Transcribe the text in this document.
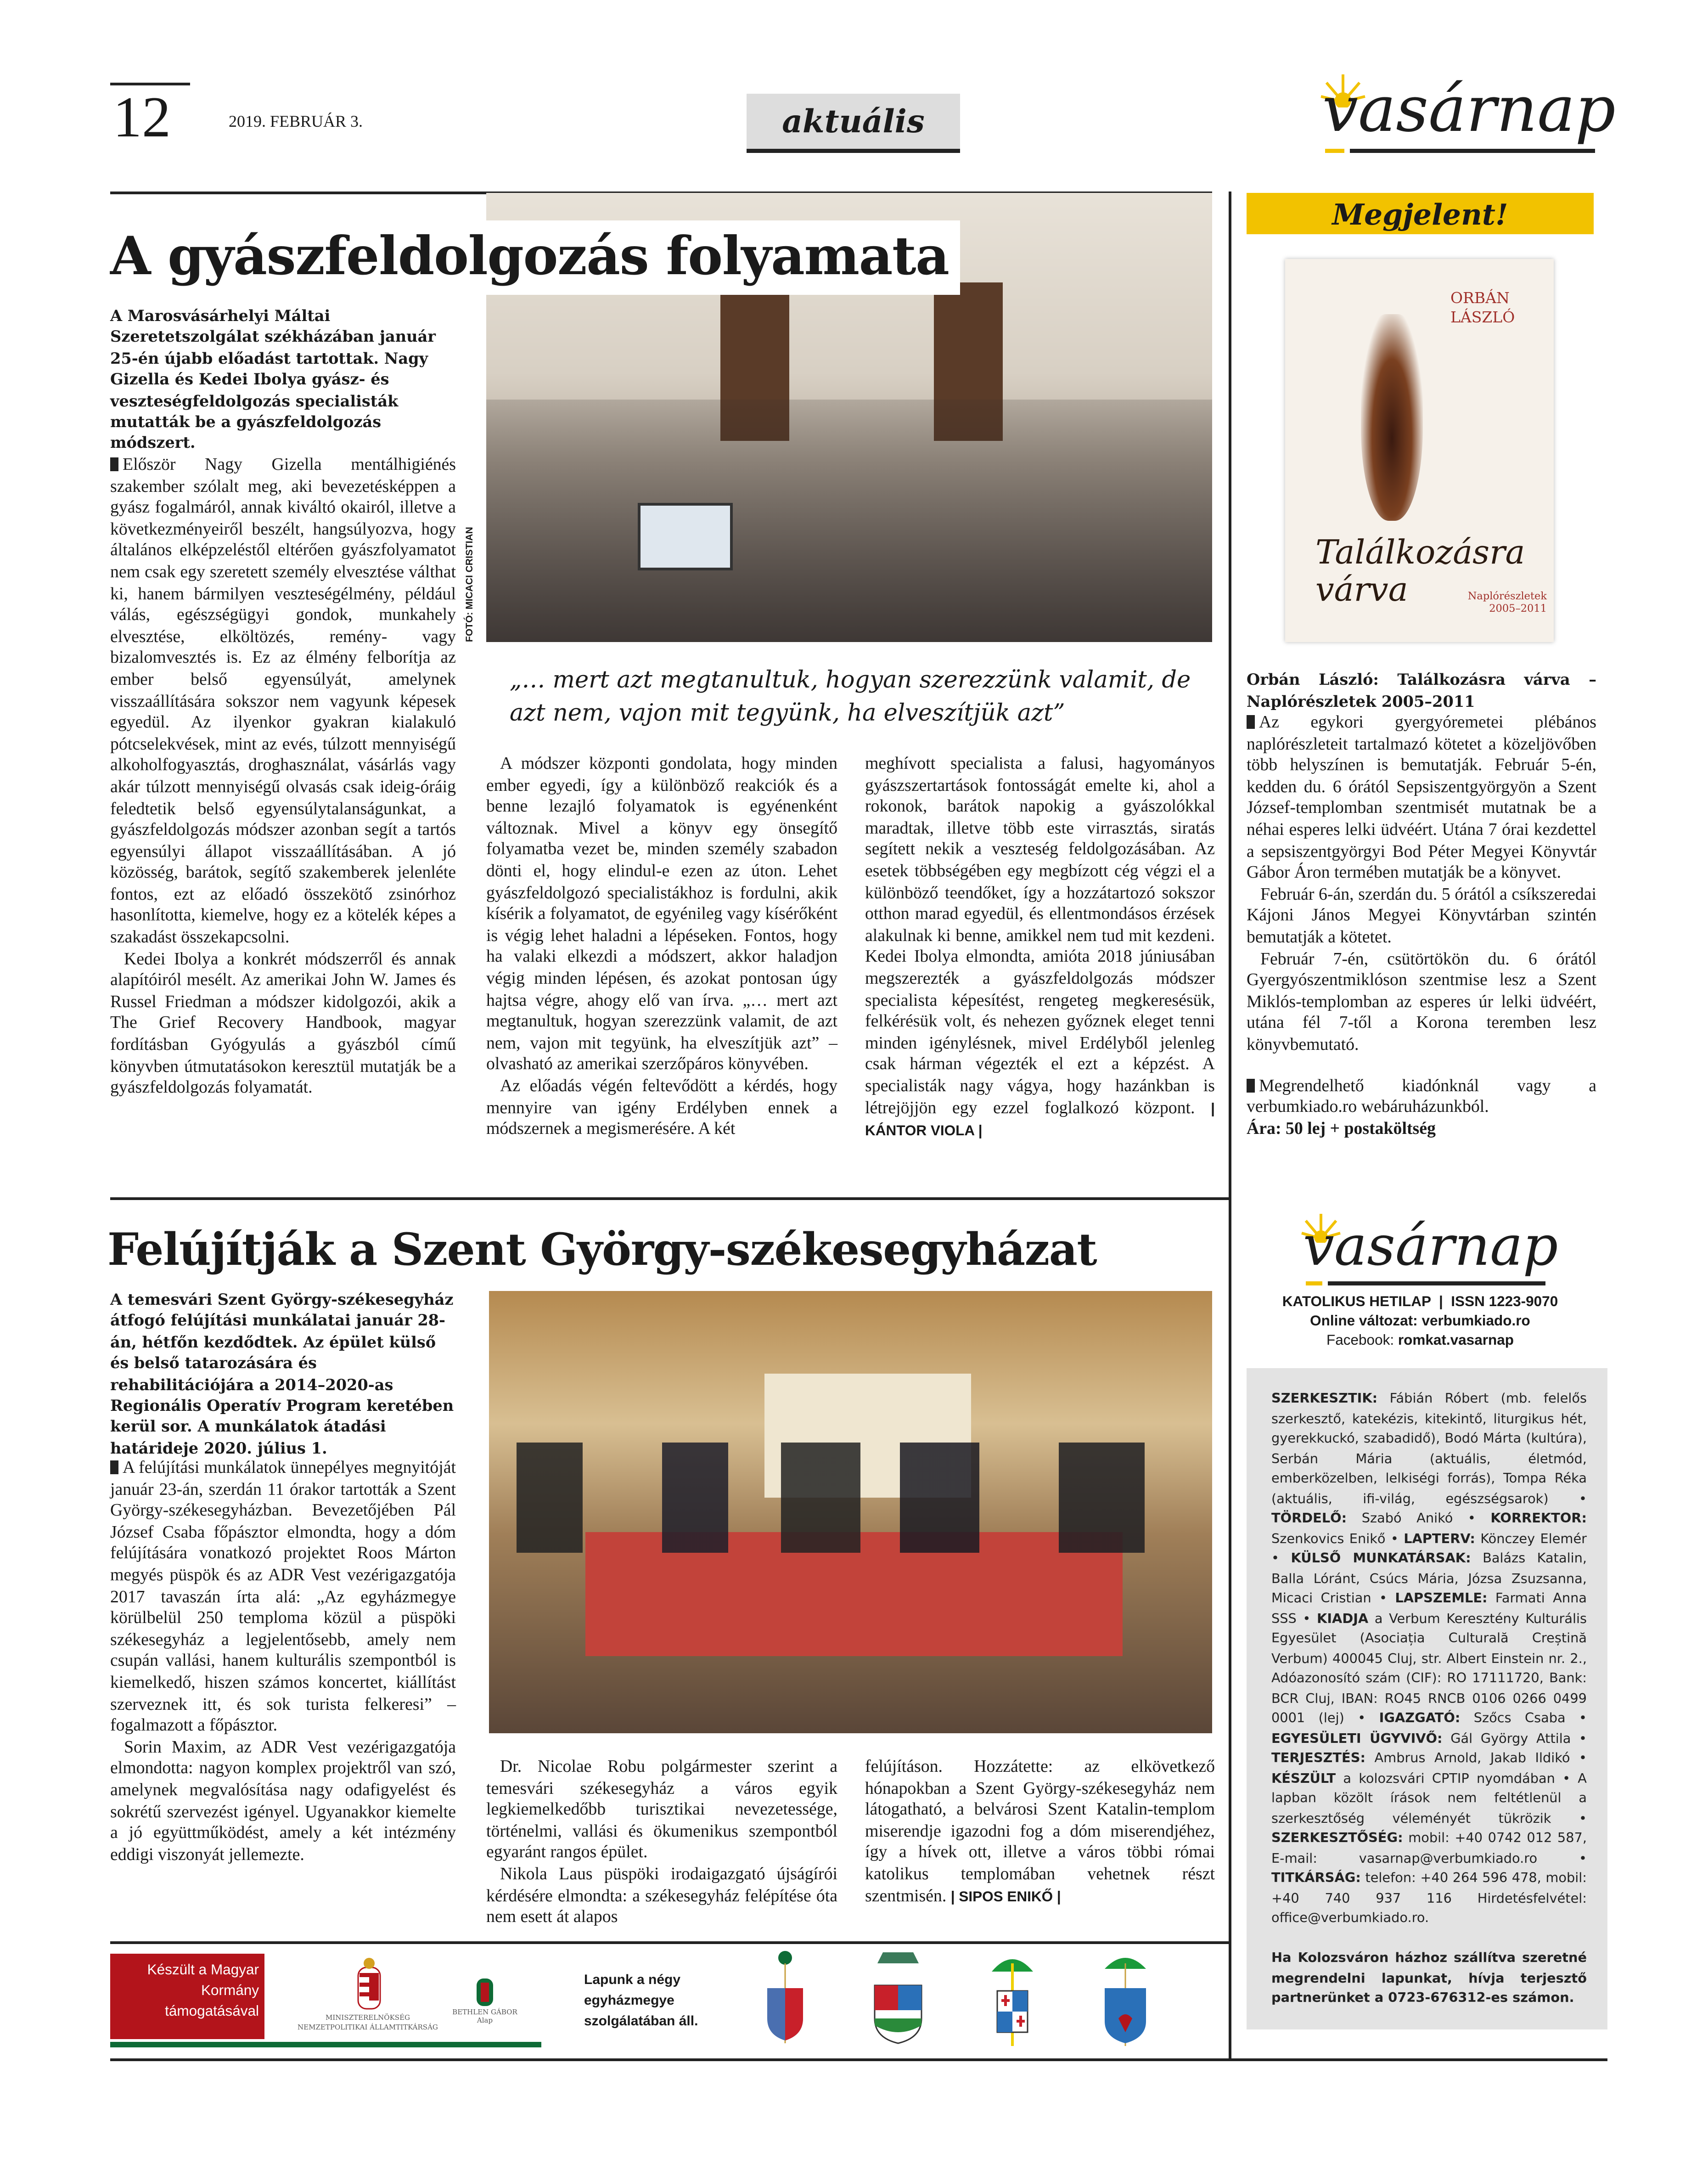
12	2019. FEBRUÁR 3.	aktuális	vasárnap
FOTÓ: MICACI CRISTIAN
A gyászfeldolgozás folyamata
A Marosvásárhelyi Máltai Szeretetszolgálat székházában január 25-én újabb előadást tartottak. Nagy Gizella és Kedei Ibolya gyász- és veszteségfeldolgozás specialisták mutatták be a gyászfeldolgozás módszert.

Először Nagy Gizella mentálhigiénés szakember szólalt meg, aki bevezetésképpen a gyász fogalmáról, annak kiváltó okairól, illetve a következményeiről beszélt, hangsúlyozva, hogy általános elképzeléstől eltérően gyászfolyamatot nem csak egy szeretett személy elvesztése válthat ki, hanem bármilyen veszteségélmény, például válás, egészségügyi gondok, munkahely elvesztése, elköltözés, remény- vagy bizalomvesztés is. Ez az élmény felborítja az ember belső egyensúlyát, amelynek visszaállítására sokszor nem vagyunk képesek egyedül. Az ilyenkor gyakran kialakuló pótcselekvések, mint az evés, túlzott mennyiségű alkoholfogyasztás, droghasználat, vásárlás vagy akár túlzott mennyiségű olvasás csak ideig-óráig feledtetik belső egyensúlytalanságunkat, a gyászfeldolgozás módszer azonban segít a tartós egyensúlyi állapot visszaállításában. A jó közösség, barátok, segítő szakemberek jelenléte fontos, ezt az előadó összekötő zsinórhoz hasonlította, kiemelve, hogy ez a kötelék képes a szakadást összekapcsolni.

Kedei Ibolya a konkrét módszerről és annak alapítóiról mesélt. Az amerikai John W. James és Russel Friedman a módszer kidolgozói, akik a The Grief Recovery Handbook, magyar fordításban Gyógyulás a gyászból című könyvben útmutatásokon keresztül mutatják be a gyászfeldolgozás folyamatát.

„… mert azt megtanultuk, hogyan szerezzünk valamit, de azt nem, vajon mit tegyünk, ha elveszítjük azt”

A módszer központi gondolata, hogy minden ember egyedi, így a különböző reakciók és a benne lezajló folyamatok is egyénenként változnak. Mivel a könyv egy önsegítő folyamatba vezet be, minden személy szabadon dönti el, hogy elindul-e ezen az úton. Lehet gyászfeldolgozó specialistákhoz is fordulni, akik kísérik a folyamatot, de egyénileg vagy kísérőként is végig lehet haladni a lépéseken. Fontos, hogy ha valaki elkezdi a módszert, akkor haladjon végig minden lépésen, és azokat pontosan úgy hajtsa végre, ahogy elő van írva. „… mert azt megtanultuk, hogyan szerezzünk valamit, de azt nem, vajon mit tegyünk, ha elveszítjük azt” – olvasható az amerikai szerzőpáros könyvében.

Az előadás végén feltevődött a kérdés, hogy mennyire van igény Erdélyben ennek a módszernek a megismerésére. A két

meghívott specialista a falusi, hagyományos gyászszertartások fontosságát emelte ki, ahol a rokonok, barátok napokig a gyászolókkal maradtak, illetve több este virrasztás, siratás segített nekik a veszteség feldolgozásában. Az esetek többségében egy megbízott cég végzi el a különböző teendőket, így a hozzátartozó sokszor otthon marad egyedül, és ellentmondásos érzések alakulnak ki benne, amikkel nem tud mit kezdeni. Kedei Ibolya elmondta, amióta 2018 júniusában megszerezték a gyászfeldolgozás módszer specialista képesítést, rengeteg megkeresésük, felkérésük volt, és nehezen győznek eleget tenni minden igénylésnek, mivel Erdélyből jelenleg csak hárman végezték el ezt a képzést. A specialisták nagy vágya, hogy hazánkban is létrejöjjön egy ezzel foglalkozó központ.	| KÁNTOR VIOLA |

Megjelent!
ORBÁN LÁSZLÓ
Találkozásra várva	Naplórészletek 2005–2011

Orbán László: Találkozásra várva – Naplórészletek 2005–2011

Az egykori gyergyóremetei plébános naplórészleteit tartalmazó kötetet a közeljövőben több helyszínen is bemutatják. Február 5-én, kedden du. 6 órától Sepsiszentgyörgyön a Szent József-templomban szentmisét mutatnak be a néhai esperes lelki üdvéért. Utána 7 órai kezdettel a sepsiszentgyörgyi Bod Péter Megyei Könyvtár Gábor Áron termében mutatják be a könyvet.

Február 6-án, szerdán du. 5 órától a csíkszeredai Kájoni János Megyei Könyvtárban szintén bemutatják a kötetet.

Február 7-én, csütörtökön du. 6 órától Gyergyószentmiklóson szentmise lesz a Szent Miklós-templomban az esperes úr lelki üdvéért, utána fél 7-től a Korona teremben lesz könyvbemutató.

Megrendelhető kiadónknál vagy a verbumkiado.ro webáruházunkból.

Ára: 50 lej + postaköltség

Felújítják a Szent György-székesegyházat
A temesvári Szent György-székesegyház átfogó felújítási munkálatai január 28-án, hétfőn kezdődtek. Az épület külső és belső tatarozására és rehabilitációjára a 2014–2020-as Regionális Operatív Program keretében kerül sor. A munkálatok átadási határideje 2020. július 1.

A felújítási munkálatok ünnepélyes megnyitóját január 23-án, szerdán 11 órakor tartották a Szent György-székesegyházban. Bevezetőjében Pál József Csaba főpásztor elmondta, hogy a dóm felújítására vonatkozó projektet Roos Márton megyés püspök és az ADR Vest vezérigazgatója 2017 tavaszán írta alá: „Az egyházmegye körülbelül 250 temploma közül a püspöki székesegyház a legjelentősebb, amely nem csupán vallási, hanem kulturális szempontból is kiemelkedő, hiszen számos koncertet, kiállítást szerveznek itt, és sok turista felkeresi” – fogalmazott a főpásztor.

Sorin Maxim, az ADR Vest vezérigazgatója elmondotta: nagyon komplex projektről van szó, amelynek megvalósítása nagy odafigyelést és sokrétű szervezést igényel. Ugyanakkor kiemelte a jó együttműködést, amely a két intézmény eddigi viszonyát jellemezte.

Dr. Nicolae Robu polgármester szerint a temesvári székesegyház a város egyik legkiemelkedőbb turisztikai nevezetessége, történelmi, vallási és ökumenikus szempontból egyaránt rangos épület.

Nikola Laus püspöki irodaigazgató újságírói kérdésére elmondta: a székesegyház felépítése óta nem esett át alapos

felújításon. Hozzátette: az elkövetkező hónapokban a Szent György-székesegyház nem látogatható, a belvárosi Szent Katalin-templom miserendje igazodni fog a dóm miserendjéhez, így a hívek ott, illetve a város többi római katolikus templomában vehetnek részt szentmisén. | SIPOS ENIKŐ |

vasárnap
KATOLIKUS HETILAP  |  ISSN 1223-9070
Online változat: verbumkiado.ro
Facebook: romkat.vasarnap
SZERKESZTIK: Fábián Róbert (mb. felelős szerkesztő, katekézis, kitekintő, liturgikus hét, gyerekkuckó, szabadidő), Bodó Márta (kultúra), Serbán Mária (aktuális, életmód, emberközelben, lelkiségi forrás), Tompa Réka (aktuális, ifi-világ, egészségsarok) • TÖRDELŐ: Szabó Anikó • KORREKTOR: Szenkovics Enikő • LAPTERV: Könczey Elemér • KÜLSŐ MUNKATÁRSAK: Balázs Katalin, Balla Lóránt, Csúcs Mária, Józsa Zsuzsanna, Micaci Cristian • LAPSZEMLE: Farmati Anna SSS • KIADJA a Verbum Keresztény Kulturális Egyesület (Asociația Culturală Creștină Verbum) 400045 Cluj, str. Albert Einstein nr. 2., Adóazonosító szám (CIF): RO 17111720, Bank: BCR Cluj, IBAN: RO45 RNCB 0106 0266 0499 0001 (lej) • IGAZGATÓ: Szőcs Csaba • EGYESÜLETI ÜGYVIVŐ: Gál György Attila • TERJESZTÉS: Ambrus Arnold, Jakab Ildikó • KÉSZÜLT a kolozsvári CPTIP nyomdában • A lapban közölt írások nem feltétlenül a szerkesztőség véleményét tükrözik • SZERKESZTŐSÉG: mobil: +40 0742 012 587, E-mail: vasarnap@verbumkiado.ro • TITKÁRSÁG: telefon: +40 264 596 478, mobil: +40 740 937 116 Hirdetésfelvétel: office@verbumkiado.ro.
Ha Kolozsváron házhoz szállítva szeretné megrendelni lapunkat, hívja terjesztő partnerünket a 0723-676312-es számon.
Készült a Magyar Kormány támogatásával	MINISZTERELNÖKSÉG NEMZETPOLITIKAI ÁLLAMTITKÁRSÁG
BETHLEN GÁBOR Alap
Lapunk a négy egyházmegye szolgálatában áll.
